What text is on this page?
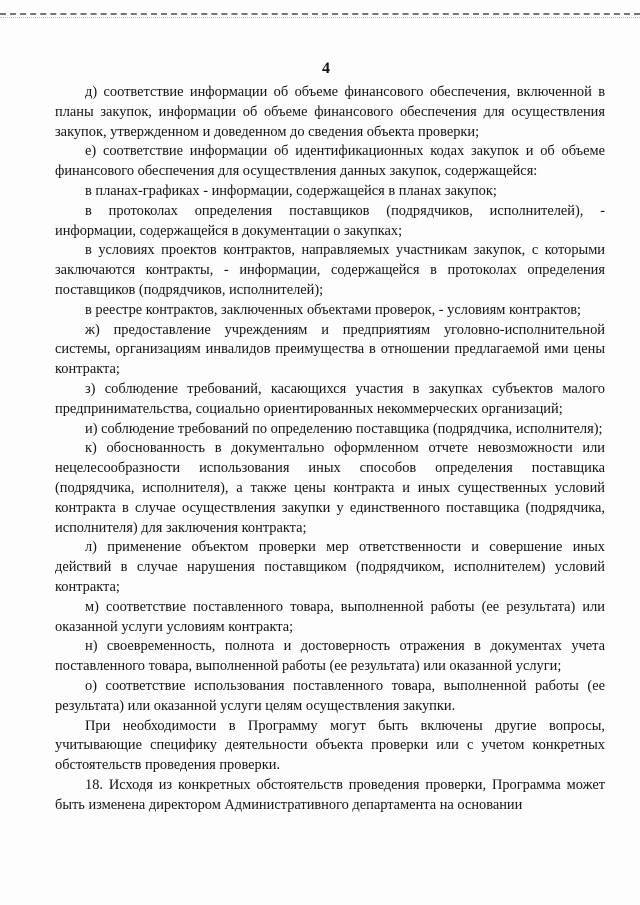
4

д) соответствие информации об объеме финансового обеспечения, включенной в планы закупок, информации об объеме финансового обеспечения для осуществления закупок, утвержденном и доведенном до сведения объекта проверки;

е) соответствие информации об идентификационных кодах закупок и об объеме финансового обеспечения для осуществления данных закупок, содержащейся:

в планах-графиках - информации, содержащейся в планах закупок;

в протоколах определения поставщиков (подрядчиков, исполнителей), - информации, содержащейся в документации о закупках;

в условиях проектов контрактов, направляемых участникам закупок, с которыми заключаются контракты, - информации, содержащейся в протоколах определения поставщиков (подрядчиков, исполнителей);

в реестре контрактов, заключенных объектами проверок, - условиям контрактов;

ж) предоставление учреждениям и предприятиям уголовно-исполнительной системы, организациям инвалидов преимущества в отношении предлагаемой ими цены контракта;

з) соблюдение требований, касающихся участия в закупках субъектов малого предпринимательства, социально ориентированных некоммерческих организаций;

и) соблюдение требований по определению поставщика (подрядчика, исполнителя);

к) обоснованность в документально оформленном отчете невозможности или нецелесообразности использования иных способов определения поставщика (подрядчика, исполнителя), а также цены контракта и иных существенных условий контракта в случае осуществления закупки у единственного поставщика (подрядчика, исполнителя) для заключения контракта;

л) применение объектом проверки мер ответственности и совершение иных действий в случае нарушения поставщиком (подрядчиком, исполнителем) условий контракта;

м) соответствие поставленного товара, выполненной работы (ее результата) или оказанной услуги условиям контракта;

н) своевременность, полнота и достоверность отражения в документах учета поставленного товара, выполненной работы (ее результата) или оказанной услуги;

о) соответствие использования поставленного товара, выполненной работы (ее результата) или оказанной услуги целям осуществления закупки.

При необходимости в Программу могут быть включены другие вопросы, учитывающие специфику деятельности объекта проверки или с учетом конкретных обстоятельств проведения проверки.

18. Исходя из конкретных обстоятельств проведения проверки, Программа может быть изменена директором Административного департамента на основании
